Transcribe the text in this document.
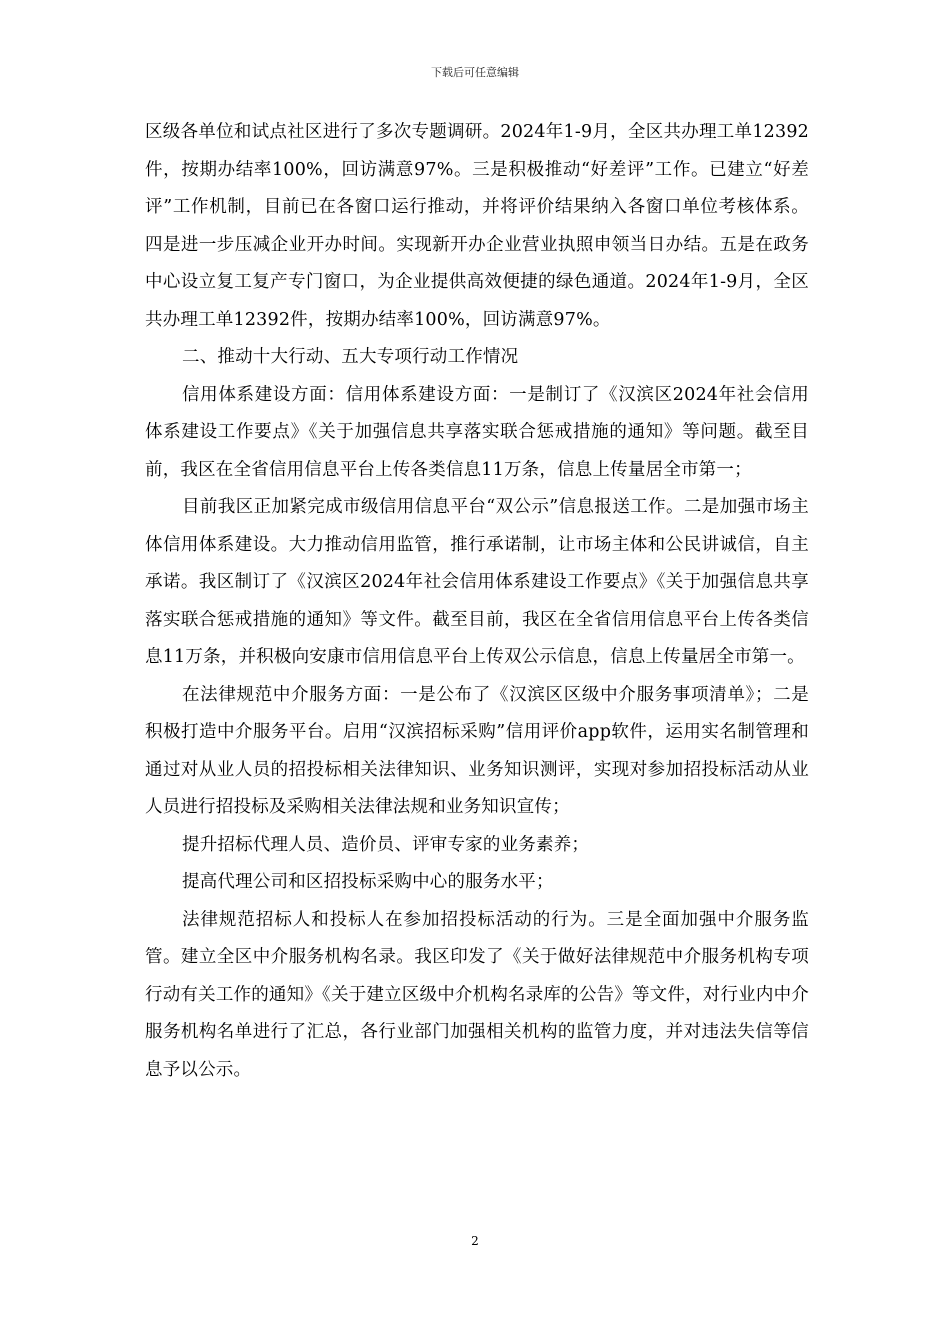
下载后可任意编辑

区级各单位和试点社区进行了多次专题调研。2024年1-9月，全区共办理工单12392件，按期办结率100%，回访满意97%。三是积极推动“好差评”工作。已建立“好差评”工作机制，目前已在各窗口运行推动，并将评价结果纳入各窗口单位考核体系。四是进一步压减企业开办时间。实现新开办企业营业执照申领当日办结。五是在政务中心设立复工复产专门窗口，为企业提供高效便捷的绿色通道。2024年1-9月，全区共办理工单12392件，按期办结率100%，回访满意97%。

二、推动十大行动、五大专项行动工作情况

信用体系建设方面：信用体系建设方面：一是制订了《汉滨区2024年社会信用体系建设工作要点》《关于加强信息共享落实联合惩戒措施的通知》等问题。截至目前，我区在全省信用信息平台上传各类信息11万条，信息上传量居全市第一；

目前我区正加紧完成市级信用信息平台“双公示”信息报送工作。二是加强市场主体信用体系建设。大力推动信用监管，推行承诺制，让市场主体和公民讲诚信，自主承诺。我区制订了《汉滨区2024年社会信用体系建设工作要点》《关于加强信息共享落实联合惩戒措施的通知》等文件。截至目前，我区在全省信用信息平台上传各类信息11万条，并积极向安康市信用信息平台上传双公示信息，信息上传量居全市第一。

在法律规范中介服务方面：一是公布了《汉滨区区级中介服务事项清单》；二是积极打造中介服务平台。启用“汉滨招标采购”信用评价app软件，运用实名制管理和通过对从业人员的招投标相关法律知识、业务知识测评，实现对参加招投标活动从业人员进行招投标及采购相关法律法规和业务知识宣传；

提升招标代理人员、造价员、评审专家的业务素养；

提高代理公司和区招投标采购中心的服务水平；

法律规范招标人和投标人在参加招投标活动的行为。三是全面加强中介服务监管。建立全区中介服务机构名录。我区印发了《关于做好法律规范中介服务机构专项行动有关工作的通知》《关于建立区级中介机构名录库的公告》等文件，对行业内中介服务机构名单进行了汇总，各行业部门加强相关机构的监管力度，并对违法失信等信息予以公示。

2
